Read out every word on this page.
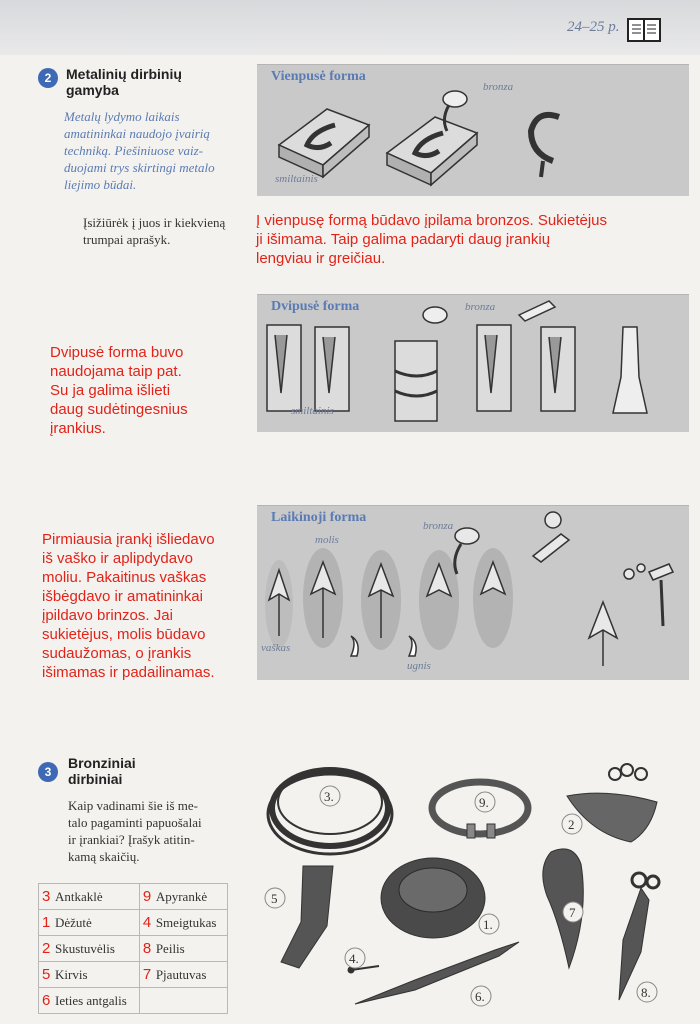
24–25 p.
2	Metalinių dirbinių
gamyba
Metalų lydymo laikais
amatininkai naudojo įvairią
techniką. Piešiniuose vaiz-
duojami trys skirtingi metalo
liejimo būdai.
Įsižiūrėk į juos ir kiekvieną
trumpai aprašyk.
Vienpusė forma
bronza
smiltainis
Į vienpusę formą būdavo įpilama bronzos. Sukietėjus
ji išimama. Taip galima padaryti daug įrankių
lengviau ir greičiau.
Dvipusė forma	bronza
smiltainis
Dvipusė forma buvo
naudojama taip pat.
Su ja galima išlieti
daug sudėtingesnius
įrankius.
Laikinoji forma
bronza
molis
vaškas
ugnis
Pirmiausia įrankį išliedavo
iš vaško ir aplipdydavo
moliu. Pakaitinus vaškas
išbėgdavo ir amatininkai
įpildavo brinzos. Jai
sukietėjus, molis būdavo
sudaužomas, o įrankis
išimamas ir padailinamas.
3
Bronziniai
dirbiniai
Kaip vadinami šie iš me-
talo pagaminti papuošalai
ir įrankiai? Įrašyk atitin-
kamą skaičių.
3 Antkaklė	9 Apyrankė
1 Dėžutė	4 Smeigtukas
2 Skustuvėlis	8 Peilis
5 Kirvis	7 Pjautuvas
6 Ieties antgalis	
3.	9.
2
5
1.
7
4.
6.	8.
